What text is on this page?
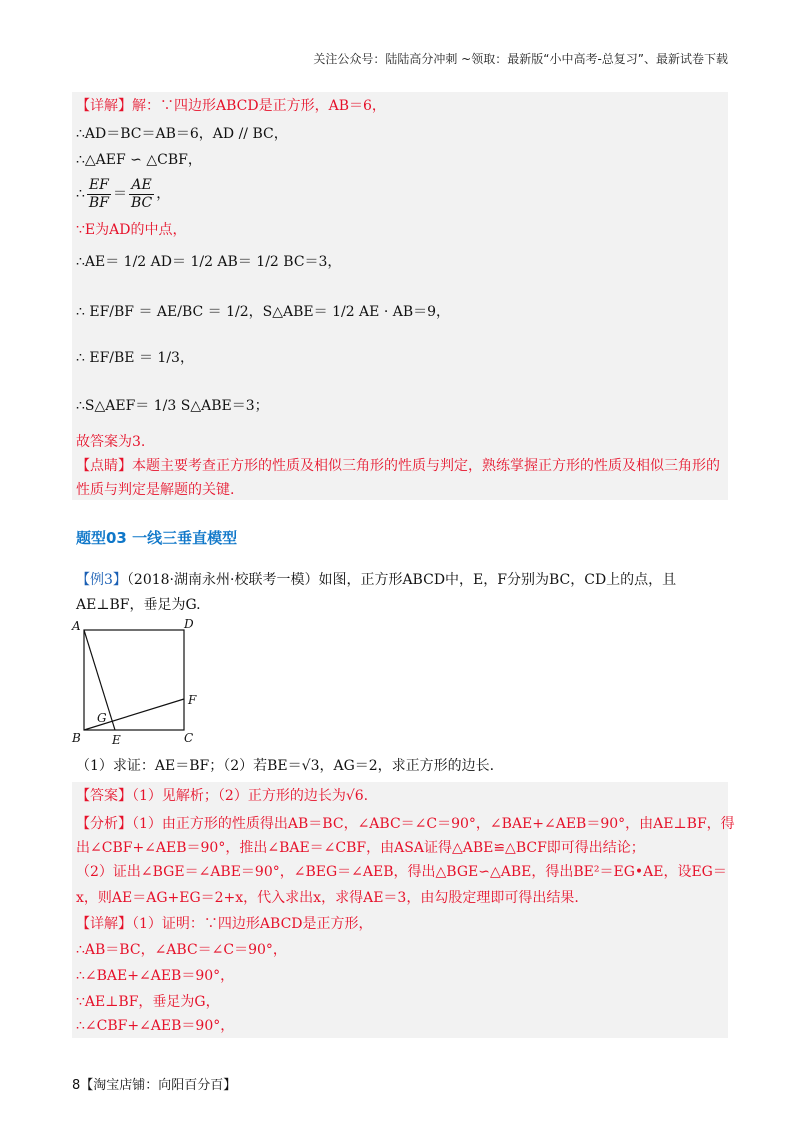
关注公众号：陆陆高分冲刺 ~领取：最新版“小中高考-总复习”、最新试卷下载
【详解】解：∵四边形ABCD是正方形，AB＝6，
∴AD＝BC＝AB＝6，AD // BC，
∴△AEF ∽ △CBF，
∴ $\frac{EF}{BF} = \frac{AE}{BC}$ ，
∵E为AD的中点，
∴AE＝ 1/2 AD＝ 1/2 AB＝ 1/2 BC＝3，
∴ EF/BF ＝ AE/BC ＝ 1/2，S△ABE＝ 1/2 AE · AB＝9，
∴ EF/BE ＝ 1/3，
∴S△AEF＝ 1/3 S△ABE＝3；
故答案为3.
【点睛】本题主要考查正方形的性质及相似三角形的性质与判定，熟练掌握正方形的性质及相似三角形的
性质与判定是解题的关键.
题型03 一线三垂直模型
【例3】（2018·湖南永州·校联考一模）如图，正方形ABCD中，E，F分别为BC，CD上的点，且
AE⊥BF，垂足为G.
A	D
B	C
E
F
G
（1）求证：AE＝BF；（2）若BE＝√3，AG＝2，求正方形的边长.
【答案】（1）见解析；（2）正方形的边长为√6.
【分析】（1）由正方形的性质得出AB＝BC，∠ABC＝∠C＝90°，∠BAE+∠AEB＝90°，由AE⊥BF，得
出∠CBF+∠AEB＝90°，推出∠BAE＝∠CBF，由ASA证得△ABE≌△BCF即可得出结论；
（2）证出∠BGE＝∠ABE＝90°，∠BEG＝∠AEB，得出△BGE∽△ABE，得出BE²＝EG•AE，设EG＝
x，则AE＝AG+EG＝2+x，代入求出x，求得AE＝3，由勾股定理即可得出结果.
【详解】（1）证明：∵四边形ABCD是正方形，
∴AB＝BC，∠ABC＝∠C＝90°，
∴∠BAE+∠AEB＝90°，
∵AE⊥BF，垂足为G，
∴∠CBF+∠AEB＝90°，
8【淘宝店铺：向阳百分百】
